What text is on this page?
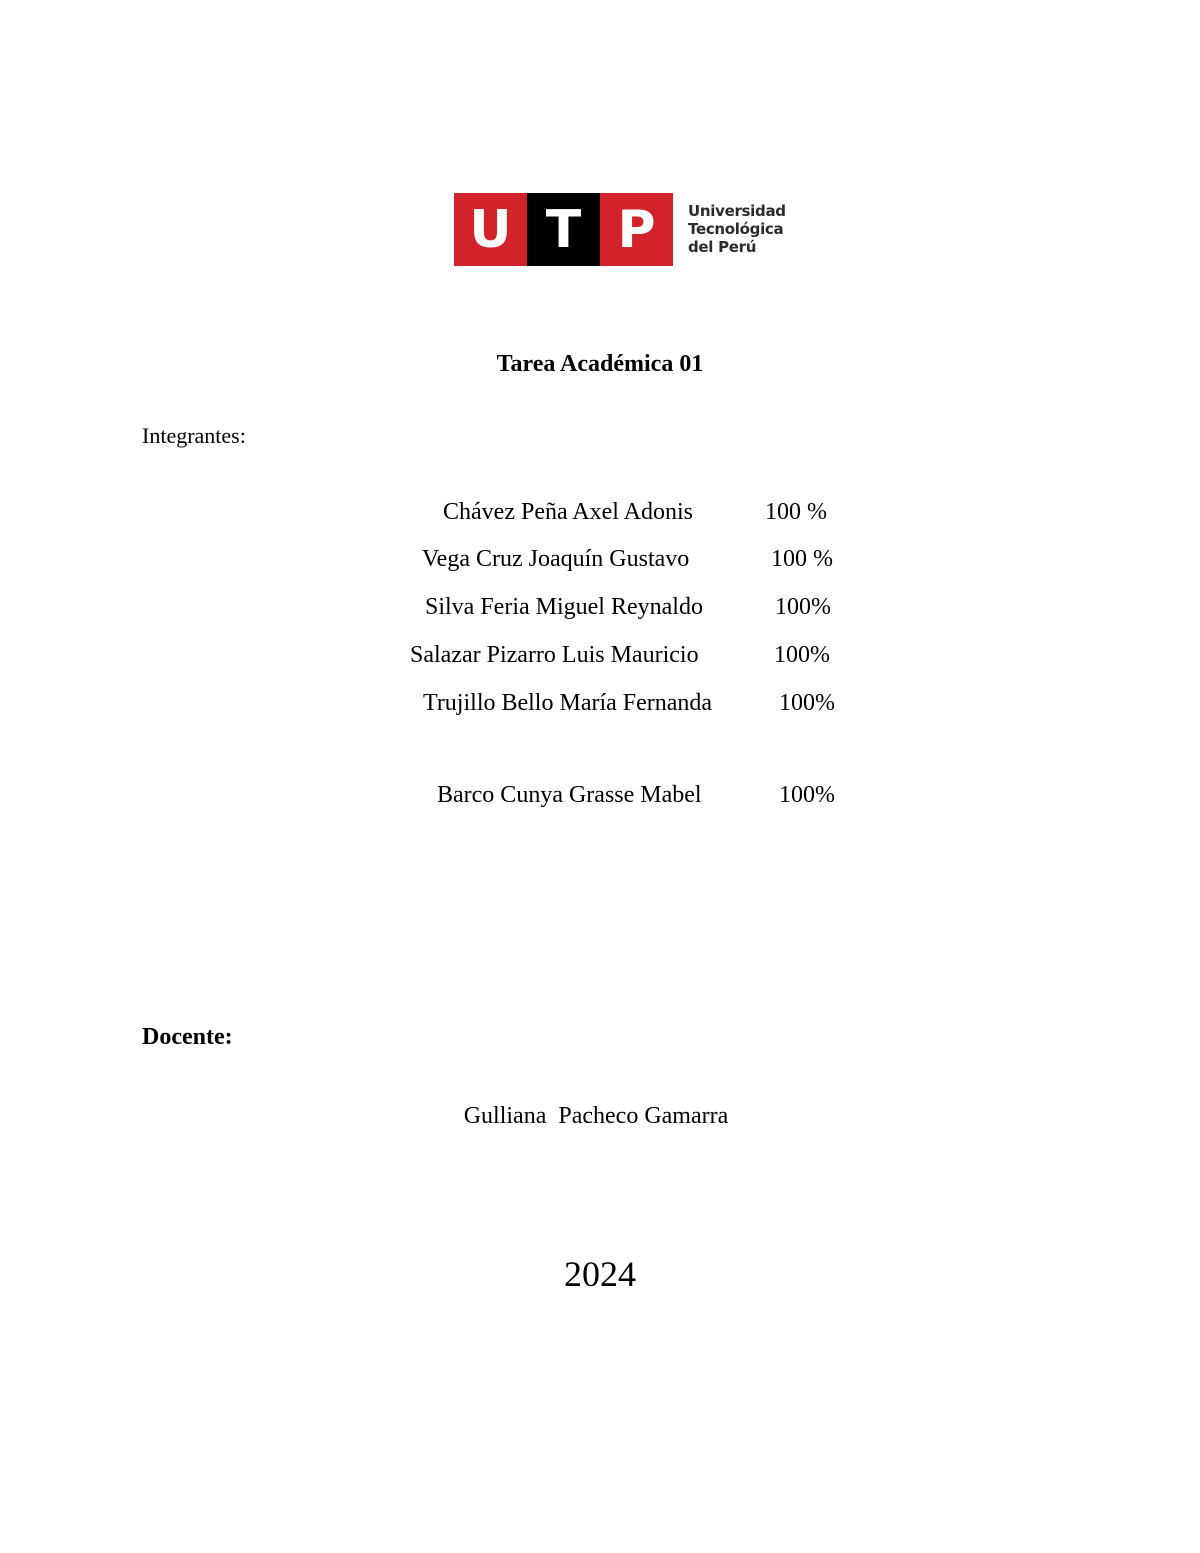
U T P	Universidad
Tecnológica
del Perú
Tarea Académica 01
Integrantes:
Chávez Peña Axel Adonis	100 %
Vega Cruz Joaquín Gustavo	100 %
Silva Feria Miguel Reynaldo	100%
Salazar Pizarro Luis Mauricio	100%
Trujillo Bello María Fernanda	100%
Barco Cunya Grasse Mabel	100%
Docente:
Gulliana  Pacheco Gamarra
2024
